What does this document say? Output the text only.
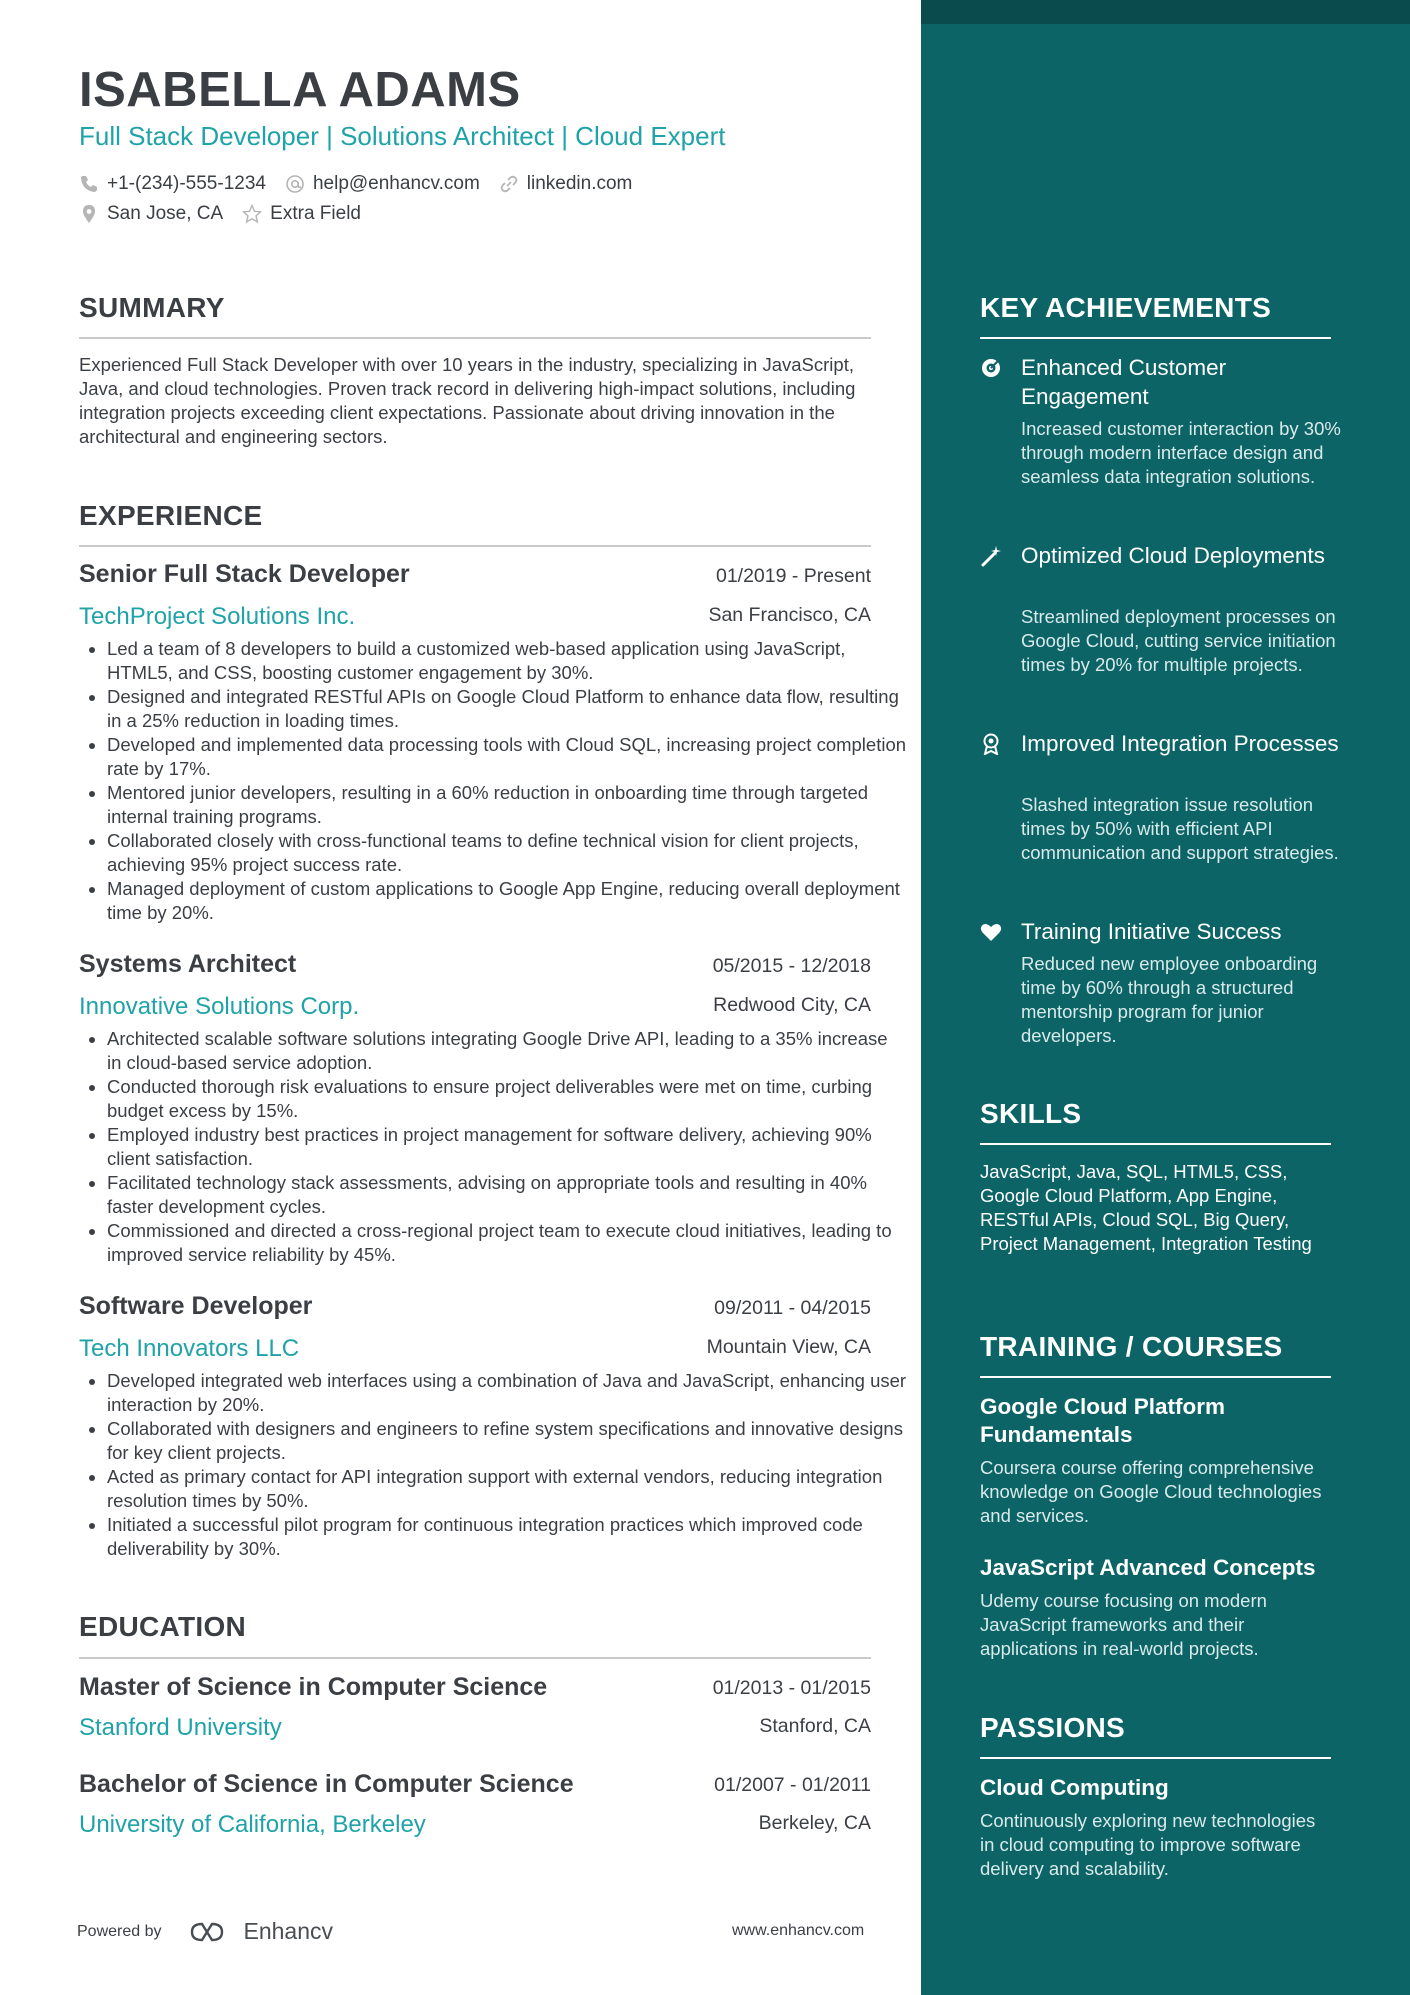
ISABELLA ADAMS
Full Stack Developer | Solutions Architect | Cloud Expert
+1-(234)-555-1234 help@enhancv.com linkedin.com
San Jose, CA Extra Field
SUMMARY

Experienced Full Stack Developer with over 10 years in the industry, specializing in JavaScript, Java, and cloud technologies. Proven track record in delivering high-impact solutions, including integration projects exceeding client expectations. Passionate about driving innovation in the architectural and engineering sectors.

EXPERIENCE
Senior Full Stack Developer	01/2019 - Present
TechProject Solutions Inc.	San Francisco, CA
• Led a team of 8 developers to build a customized web-based application using JavaScript, HTML5, and CSS, boosting customer engagement by 30%.
• Designed and integrated RESTful APIs on Google Cloud Platform to enhance data flow, resulting in a 25% reduction in loading times.
• Developed and implemented data processing tools with Cloud SQL, increasing project completion rate by 17%.
• Mentored junior developers, resulting in a 60% reduction in onboarding time through targeted internal training programs.
• Collaborated closely with cross-functional teams to define technical vision for client projects, achieving 95% project success rate.
• Managed deployment of custom applications to Google App Engine, reducing overall deployment time by 20%.
Systems Architect	05/2015 - 12/2018
Innovative Solutions Corp.	Redwood City, CA
• Architected scalable software solutions integrating Google Drive API, leading to a 35% increase in cloud-based service adoption.
• Conducted thorough risk evaluations to ensure project deliverables were met on time, curbing budget excess by 15%.
• Employed industry best practices in project management for software delivery, achieving 90% client satisfaction.
• Facilitated technology stack assessments, advising on appropriate tools and resulting in 40% faster development cycles.
• Commissioned and directed a cross-regional project team to execute cloud initiatives, leading to improved service reliability by 45%.
Software Developer	09/2011 - 04/2015
Tech Innovators LLC	Mountain View, CA
• Developed integrated web interfaces using a combination of Java and JavaScript, enhancing user interaction by 20%.
• Collaborated with designers and engineers to refine system specifications and innovative designs for key client projects.
• Acted as primary contact for API integration support with external vendors, reducing integration resolution times by 50%.
• Initiated a successful pilot program for continuous integration practices which improved code deliverability by 30%.
EDUCATION
Master of Science in Computer Science	01/2013 - 01/2015
Stanford University	Stanford, CA
Bachelor of Science in Computer Science	01/2007 - 01/2011
University of California, Berkeley	Berkeley, CA
Powered by	Enhancv	www.enhancv.com
KEY ACHIEVEMENTS
Enhanced Customer Engagement
Increased customer interaction by 30% through modern interface design and seamless data integration solutions.
Optimized Cloud Deployments
Streamlined deployment processes on Google Cloud, cutting service initiation times by 20% for multiple projects.
Improved Integration Processes
Slashed integration issue resolution times by 50% with efficient API communication and support strategies.
Training Initiative Success
Reduced new employee onboarding time by 60% through a structured mentorship program for junior developers.
SKILLS

JavaScript, Java, SQL, HTML5, CSS, Google Cloud Platform, App Engine, RESTful APIs, Cloud SQL, Big Query, Project Management, Integration Testing

TRAINING / COURSES
Google Cloud Platform Fundamentals

Coursera course offering comprehensive knowledge on Google Cloud technologies and services.

JavaScript Advanced Concepts

Udemy course focusing on modern JavaScript frameworks and their applications in real-world projects.

PASSIONS
Cloud Computing

Continuously exploring new technologies in cloud computing to improve software delivery and scalability.
